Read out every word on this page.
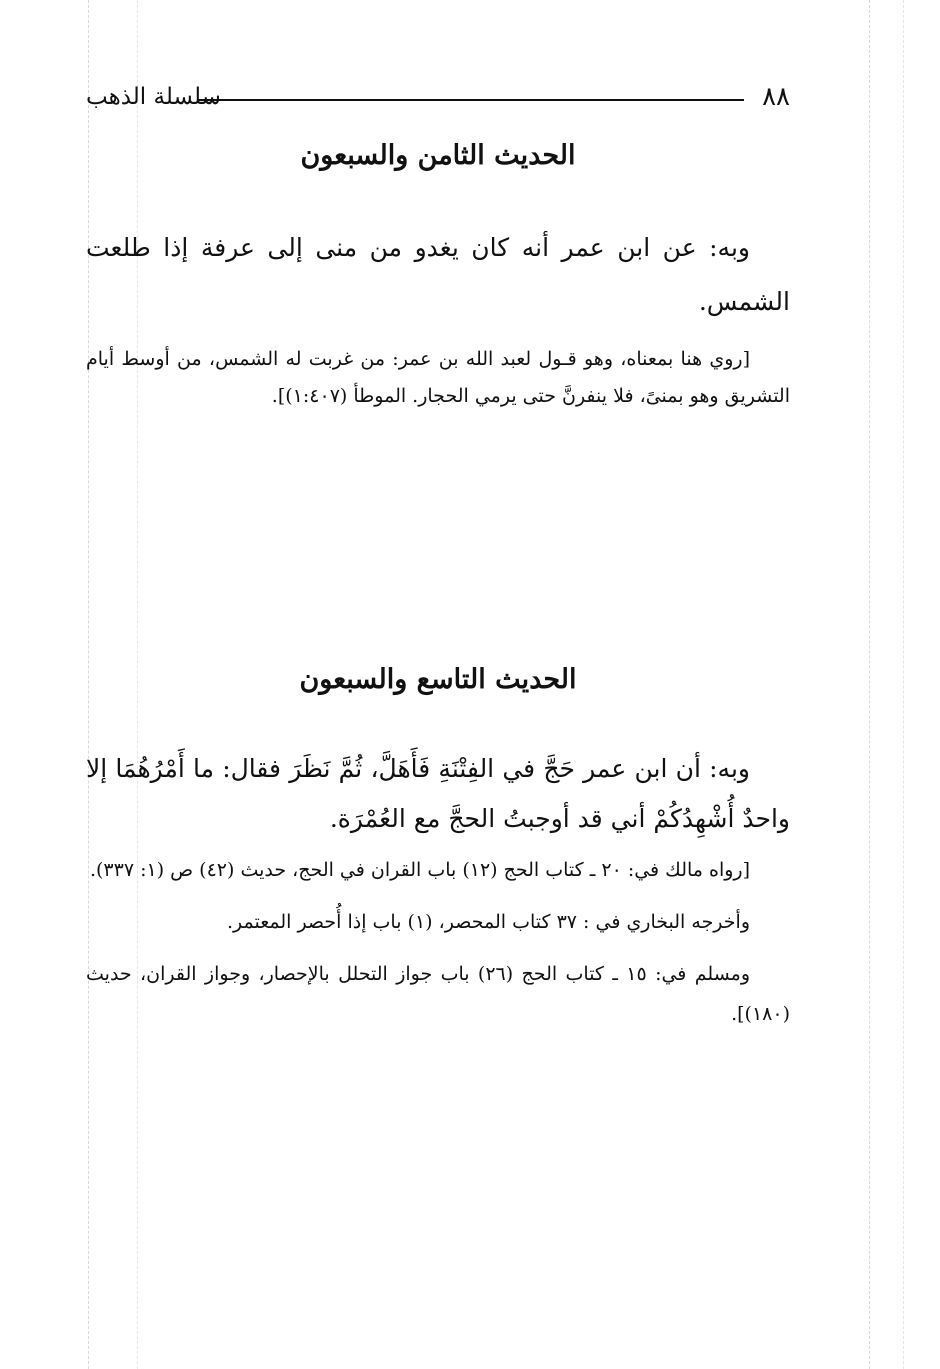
٨٨
سلسلة الذهب
الحديث الثامن والسبعون

وبه: عن ابن عمر أنه كان يغدو من منى إلى عرفة إذا طلعت الشمس.

[روي هنا بمعناه، وهو قـول لعبد الله بن عمر: من غربت له الشمس، من أوسط أيام التشريق وهو بمنىً، فلا ينفرنَّ حتى يرمي الحجار. الموطأ (١:٤٠٧)].

الحديث التاسع والسبعون

وبه: أن ابن عمر حَجَّ في الفِتْنَةِ فَأَهَلَّ، ثُمَّ نَظَرَ فقال: ما أَمْرُهُمَا إلا واحدٌ أُشْهِدُكُمْ أني قد أوجبتُ الحجَّ مع العُمْرَة.

[رواه مالك في: ٢٠ ـ كتاب الحج (١٢) باب القران في الحج، حديث (٤٢) ص (١: ٣٣٧).

وأخرجه البخاري في : ٣٧ كتاب المحصر، (١) باب إذا أُحصر المعتمر.

ومسلم في: ١٥ ـ كتاب الحج (٢٦) باب جواز التحلل بالإحصار، وجواز القران، حديث (١٨٠)].
